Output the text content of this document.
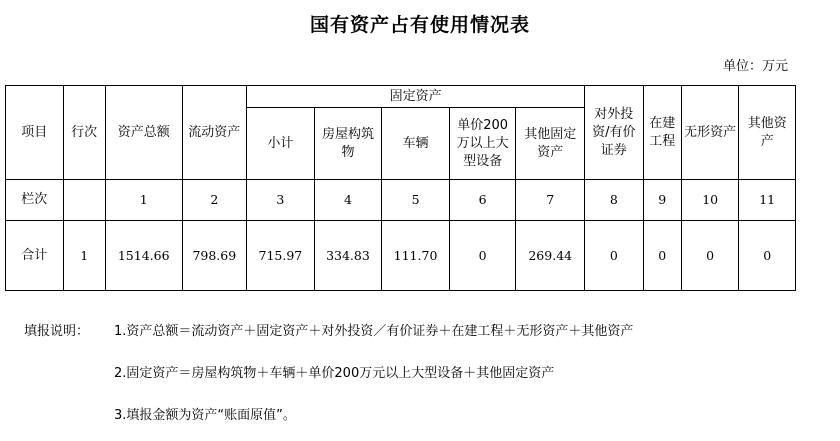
国有资产占有使用情况表
单位：万元
项目	行次	资产总额	流动资产	固定资产					对外投资/有价证券	在建工程	无形资产	其他资产
				小计	房屋构筑物	车辆	单价200万以上大型设备	其他固定资产				
栏次		1	2	3	4	5	6	7	8	9	10	11
合计	1	1514.66	798.69	715.97	334.83	111.70	0	269.44	0	0	0	0
填报说明： 1.资产总额＝流动资产＋固定资产＋对外投资／有价证券＋在建工程＋无形资产＋其他资产
2.固定资产＝房屋构筑物＋车辆＋单价200万元以上大型设备＋其他固定资产
3.填报金额为资产“账面原值”。
